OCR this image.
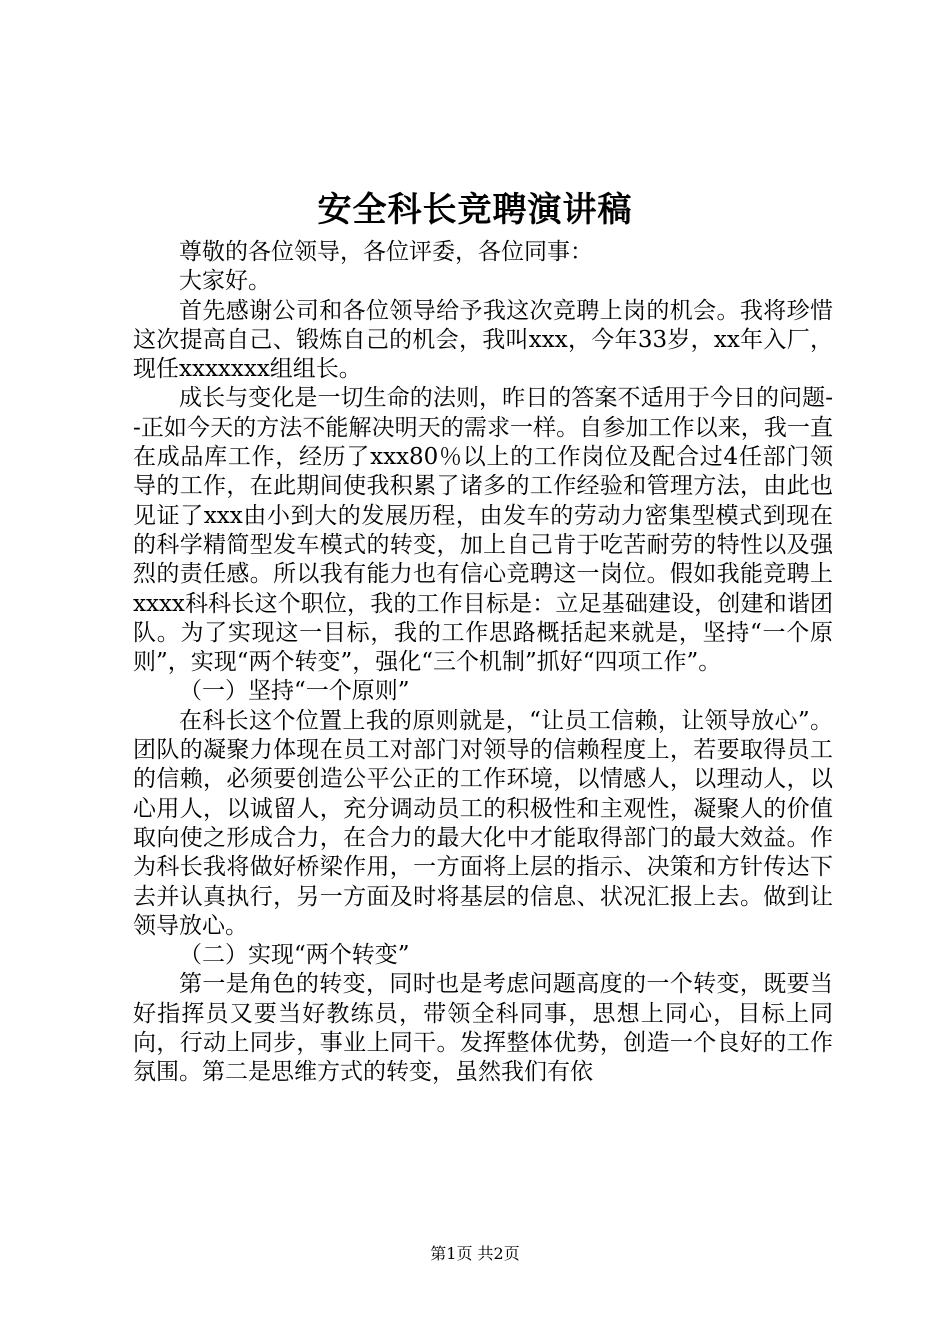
安全科长竞聘演讲稿

尊敬的各位领导，各位评委，各位同事：

大家好。

首先感谢公司和各位领导给予我这次竞聘上岗的机会。我将珍惜这次提高自己、锻炼自己的机会，我叫xxx，今年33岁，xx年入厂，现任xxxxxxx组组长。

成长与变化是一切生命的法则，昨日的答案不适用于今日的问题--正如今天的方法不能解决明天的需求一样。自参加工作以来，我一直在成品库工作，经历了xxx80％以上的工作岗位及配合过4任部门领导的工作，在此期间使我积累了诸多的工作经验和管理方法，由此也见证了xxx由小到大的发展历程，由发车的劳动力密集型模式到现在的科学精简型发车模式的转变，加上自己肯于吃苦耐劳的特性以及强烈的责任感。所以我有能力也有信心竞聘这一岗位。假如我能竞聘上xxxx科科长这个职位，我的工作目标是：立足基础建设，创建和谐团队。为了实现这一目标，我的工作思路概括起来就是，坚持“一个原则”，实现“两个转变”，强化“三个机制”抓好“四项工作”。

（一）坚持“一个原则”

在科长这个位置上我的原则就是，“让员工信赖，让领导放心”。团队的凝聚力体现在员工对部门对领导的信赖程度上，若要取得员工的信赖，必须要创造公平公正的工作环境，以情感人，以理动人，以心用人，以诚留人，充分调动员工的积极性和主观性，凝聚人的价值取向使之形成合力，在合力的最大化中才能取得部门的最大效益。作为科长我将做好桥梁作用，一方面将上层的指示、决策和方针传达下去并认真执行，另一方面及时将基层的信息、状况汇报上去。做到让领导放心。

（二）实现“两个转变”

第一是角色的转变，同时也是考虑问题高度的一个转变，既要当好指挥员又要当好教练员，带领全科同事，思想上同心，目标上同向，行动上同步，事业上同干。发挥整体优势，创造一个良好的工作氛围。第二是思维方式的转变，虽然我们有依

第1页 共2页
